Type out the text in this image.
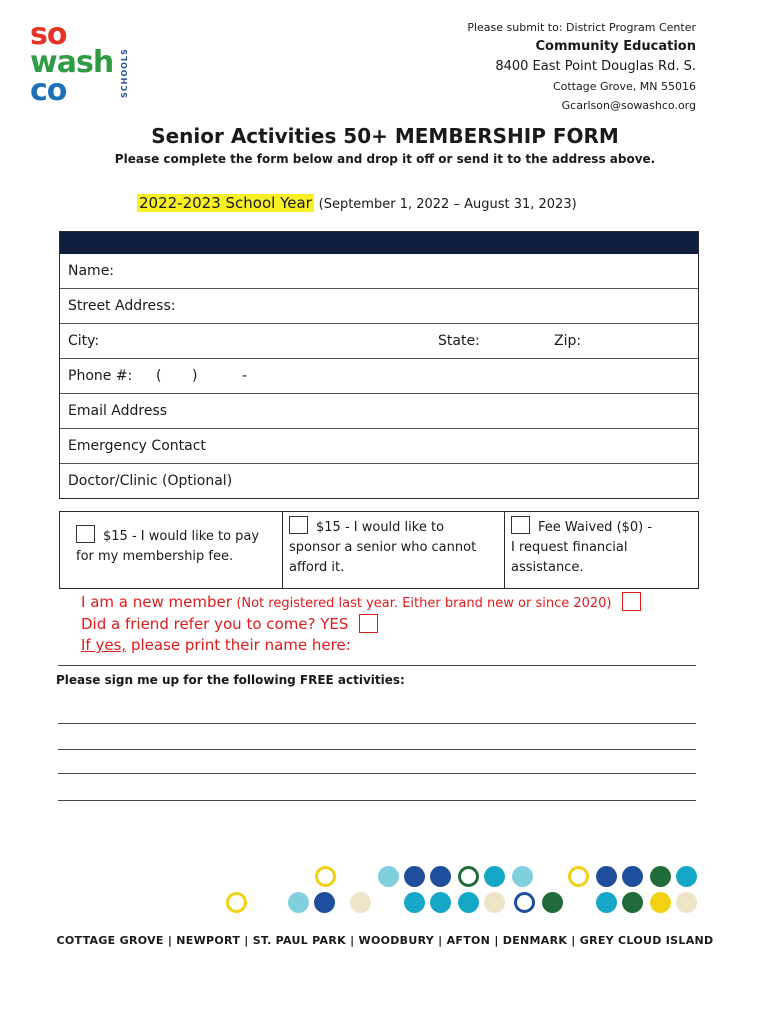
so
wash
co	SCHOOLS
Please submit to: District Program Center
Community Education
8400 East Point Douglas Rd. S.
Cottage Grove, MN 55016
Gcarlson@sowashco.org
Senior Activities 50+ MEMBERSHIP FORM
Please complete the form below and drop it off or send it to the address above.
2022-2023 School Year (September 1, 2022 – August 31, 2023)
Name:
Street Address:
City:	State:	Zip:
Phone #: ( )	-
Email Address
Emergency Contact
Doctor/Clinic (Optional)
$15 - I would like to pay
for my membership fee.
$15 - I would like to
sponsor a senior who cannot
afford it.
Fee Waived ($0) -
I request financial
assistance.
I am a new member (Not registered last year. Either brand new or since 2020)
Did a friend refer you to come? YES
If yes, please print their name here:
Please sign me up for the following FREE activities:
COTTAGE GROVE | NEWPORT | ST. PAUL PARK | WOODBURY | AFTON | DENMARK | GREY CLOUD ISLAND
